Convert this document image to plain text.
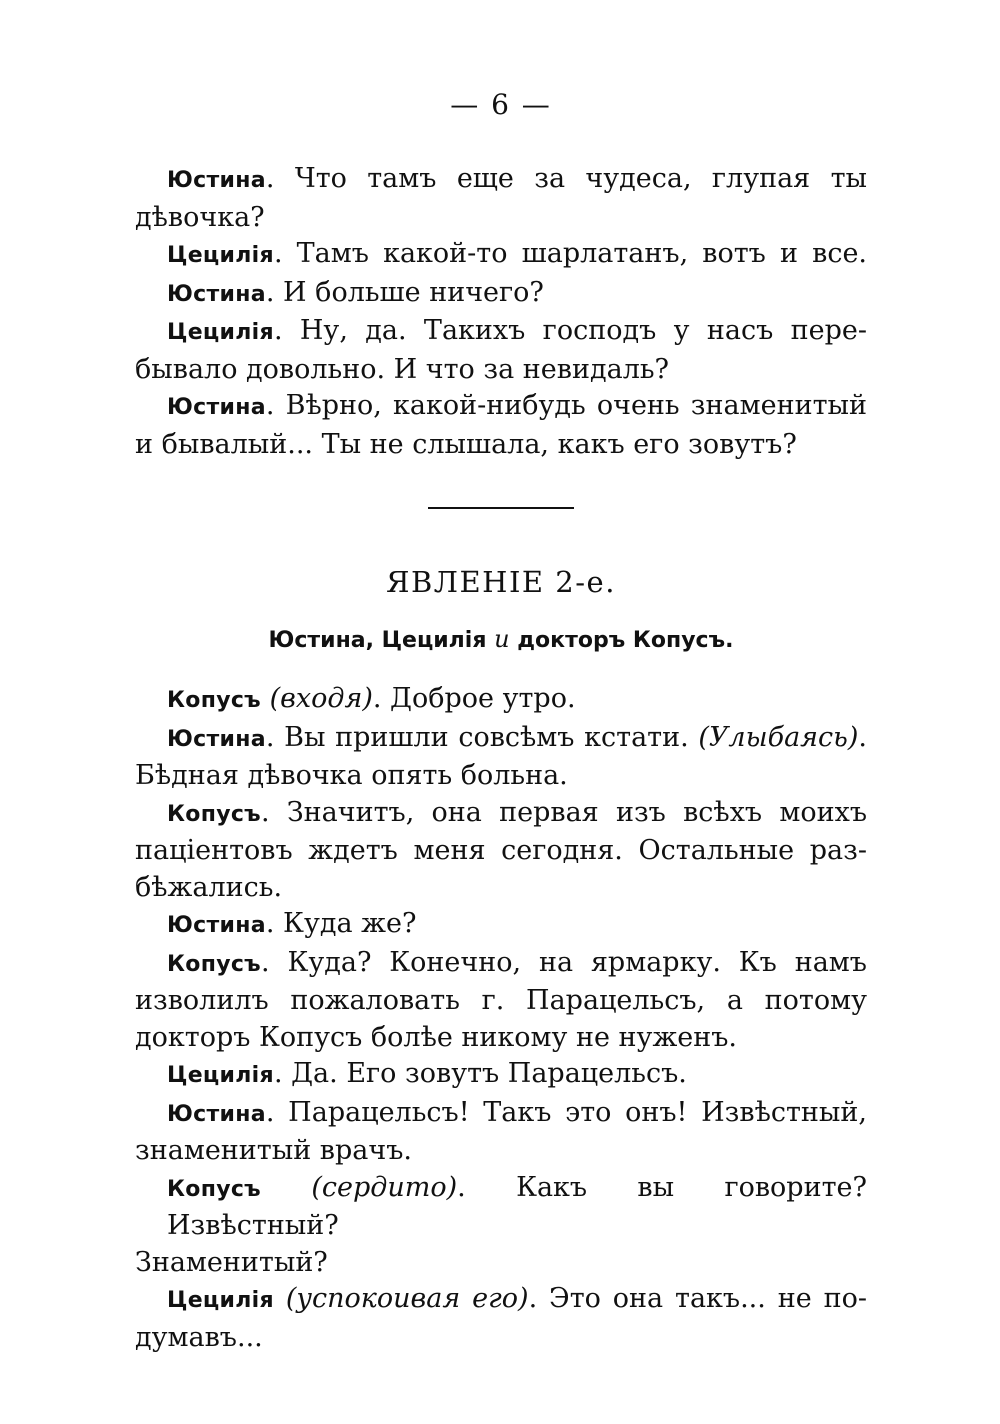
— 6 —
Юстина. Что тамъ еще за чудеса, глупая ты
дѣвочка?
Цецилія. Тамъ какой-то шарлатанъ, вотъ и все.
Юстина. И больше ничего?
Цецилія. Ну, да. Такихъ господъ у насъ пере-
бывало довольно. И что за невидаль?
Юстина. Вѣрно, какой-нибудь очень знаменитый
и бывалый... Ты не слышала, какъ его зовутъ?
ЯВЛЕНІЕ 2-е.
Юстина, Цецилія и докторъ Копусъ.
Копусъ (входя). Доброе утро.
Юстина. Вы пришли совсѣмъ кстати. (Улыбаясь).
Бѣдная дѣвочка опять больна.
Копусъ. Значитъ, она первая изъ всѣхъ моихъ
паціентовъ ждетъ меня сегодня. Остальные раз-
бѣжались.
Юстина. Куда же?
Копусъ. Куда? Конечно, на ярмарку. Къ намъ
изволилъ пожаловать г. Парацельсъ, а потому
докторъ Копусъ болѣе никому не нуженъ.
Цецилія. Да. Его зовутъ Парацельсъ.
Юстина. Парацельсъ! Такъ это онъ! Извѣстный,
знаменитый врачъ.
Копусъ (сердито). Какъ вы говорите? Извѣстный?
Знаменитый?
Цецилія (успокоивая его). Это она такъ... не по-
думавъ...
